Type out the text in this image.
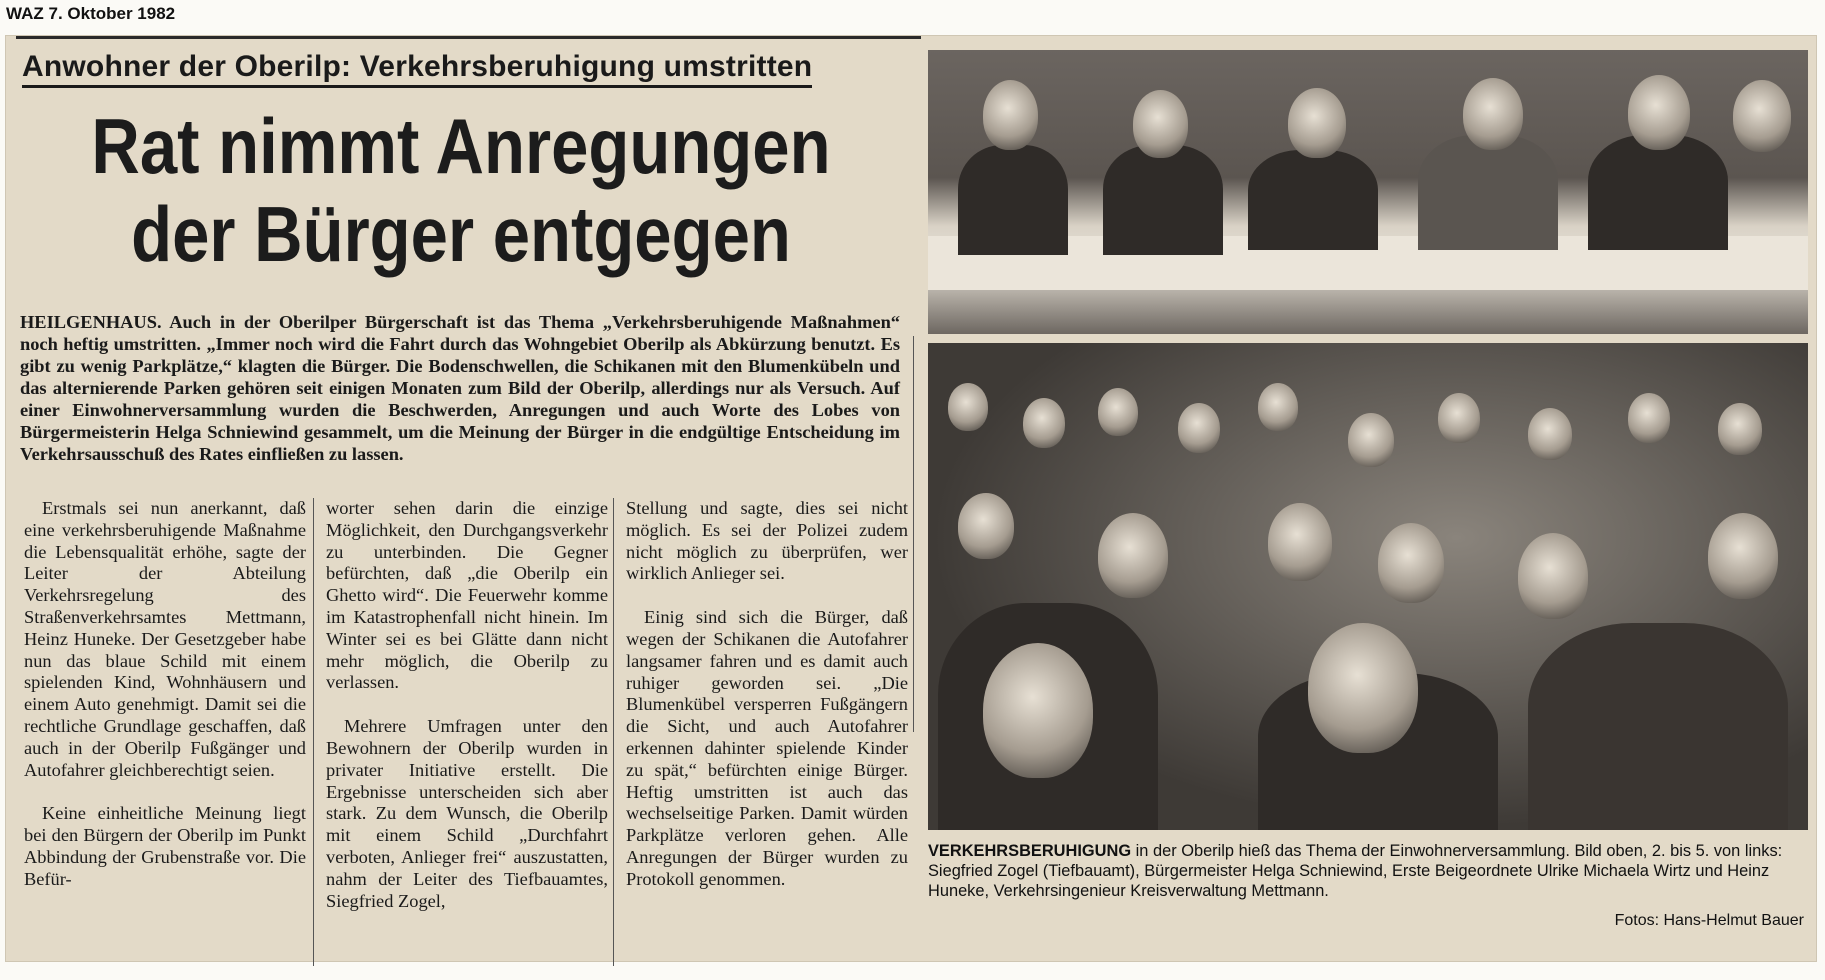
WAZ 7. Oktober 1982
Anwohner der Oberilp: Verkehrsberuhigung umstritten
Rat nimmt Anregungen
der Bürger entgegen
HEILGENHAUS. Auch in der Oberilper Bürgerschaft ist das Thema „Verkehrsberuhigende Maßnahmen“ noch heftig umstritten. „Immer noch wird die Fahrt durch das Wohngebiet Oberilp als Abkürzung benutzt. Es gibt zu wenig Parkplätze,“ klagten die Bürger. Die Bodenschwellen, die Schikanen mit den Blumenkübeln und das alternierende Parken gehören seit einigen Monaten zum Bild der Oberilp, allerdings nur als Versuch. Auf einer Einwohnerversammlung wurden die Beschwerden, Anregungen und auch Worte des Lobes von Bürgermeisterin Helga Schniewind gesammelt, um die Meinung der Bürger in die endgültige Entscheidung im Verkehrsausschuß des Rates einfließen zu lassen.

Erstmals sei nun anerkannt, daß eine verkehrsberuhigende Maßnahme die Lebensqualität erhöhe, sagte der Leiter der Abteilung Verkehrsregelung des Straßenverkehrsamtes Mettmann, Heinz Huneke. Der Gesetzgeber habe nun das blaue Schild mit einem spielenden Kind, Wohnhäusern und einem Auto genehmigt. Damit sei die rechtliche Grundlage geschaffen, daß auch in der Oberilp Fußgänger und Autofahrer gleichberechtigt seien.

Keine einheitliche Meinung liegt bei den Bürgern der Oberilp im Punkt Abbindung der Grubenstraße vor. Die Befür-

worter sehen darin die einzige Möglichkeit, den Durchgangsverkehr zu unterbinden. Die Gegner befürchten, daß „die Oberilp ein Ghetto wird“. Die Feuerwehr komme im Katastrophenfall nicht hinein. Im Winter sei es bei Glätte dann nicht mehr möglich, die Oberilp zu verlassen.

Mehrere Umfragen unter den Bewohnern der Oberilp wurden in privater Initiative erstellt. Die Ergebnisse unterscheiden sich aber stark. Zu dem Wunsch, die Oberilp mit einem Schild „Durchfahrt verboten, Anlieger frei“ auszustatten, nahm der Leiter des Tiefbauamtes, Siegfried Zogel,

Stellung und sagte, dies sei nicht möglich. Es sei der Polizei zudem nicht möglich zu überprüfen, wer wirklich Anlieger sei.

Einig sind sich die Bürger, daß wegen der Schikanen die Autofahrer langsamer fahren und es damit auch ruhiger geworden sei. „Die Blumenkübel versperren Fußgängern die Sicht, und auch Autofahrer erkennen dahinter spielende Kinder zu spät,“ befürchten einige Bürger. Heftig umstritten ist auch das wechselseitige Parken. Damit würden Parkplätze verloren gehen. Alle Anregungen der Bürger wurden zu Protokoll genommen.

VERKEHRSBERUHIGUNG in der Oberilp hieß das Thema der Einwohnerversammlung. Bild oben, 2. bis 5. von links: Siegfried Zogel (Tiefbauamt), Bürgermeister Helga Schniewind, Erste Beigeordnete Ulrike Michaela Wirtz und Heinz Huneke, Verkehrsingenieur Kreisverwaltung Mettmann.
Fotos: Hans-Helmut Bauer
